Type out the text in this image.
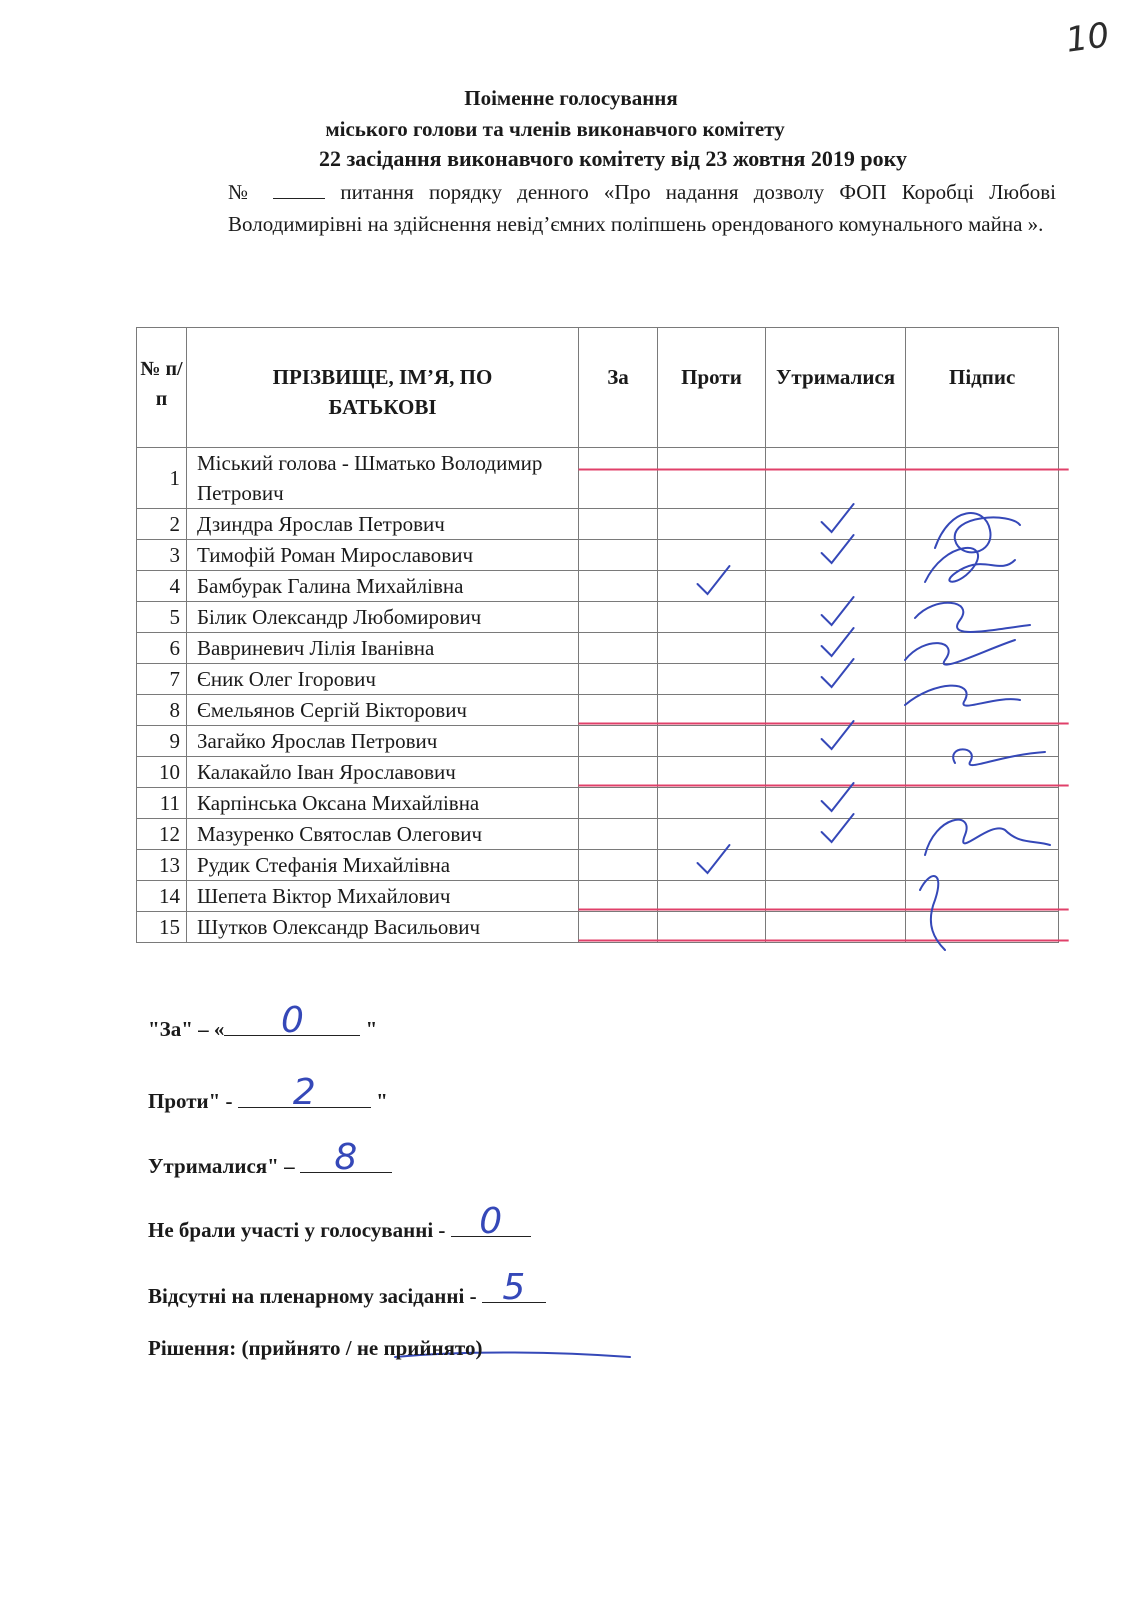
10
Поіменне голосування
міського голови та членів виконавчого комітету
22 засідання виконавчого комітету від 23 жовтня 2019 року
№	питання порядку денного «Про надання дозволу ФОП Коробці Любові Володимирівні на здійснення невід’ємних поліпшень орендованого комунального майна ».
№ п/п	ПРІЗВИЩЕ, ІМ’Я, ПО БАТЬКОВІ	За	Проти	Утрималися	Підпис
1	Міський голова - Шматько Володимир Петрович				
2	Дзиндра Ярослав Петрович				
3	Тимофій Роман Мирославович				
4	Бамбурак Галина Михайлівна				
5	Білик Олександр Любомирович				
6	Вавриневич Лілія Іванівна				
7	Єник Олег Ігорович				
8	Ємельянов Сергій Вікторович				
9	Загайко Ярослав Петрович				
10	Калакайло Іван Ярославович				
11	Карпінська Оксана Михайлівна				
12	Мазуренко Святослав Олегович				
13	Рудик Стефанія Михайлівна				
14	Шепета Віктор Михайлович				
15	Шутков Олександр Васильович				
"За" – «	0	"
Проти" -	2	"
Утрималися" – 8
Не брали участі у голосуванні - 0
Відсутні на пленарному засіданні - 5
Рішення: (прийнято / не прийнято)
